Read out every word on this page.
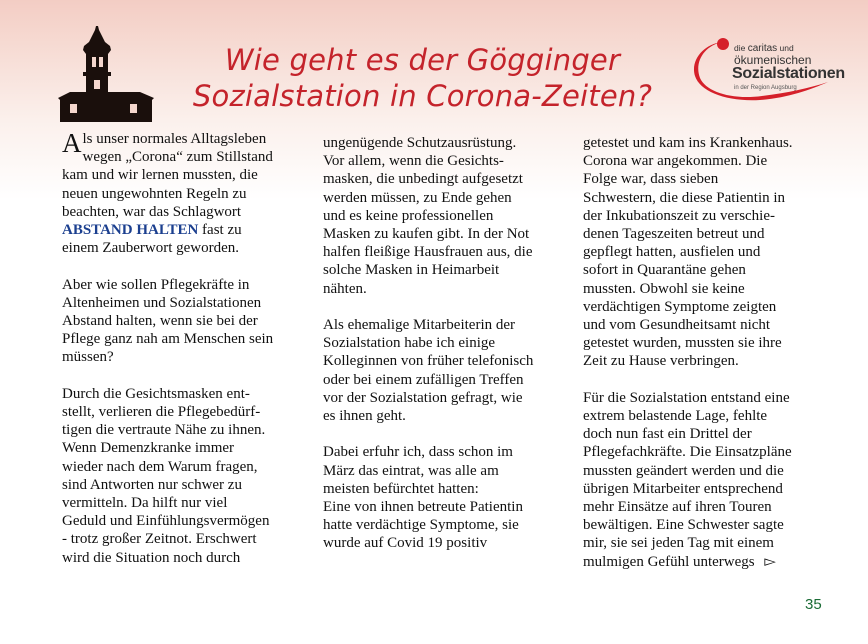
Wie geht es der Gögginger
Sozialstation in Corona-Zeiten?
die caritas und
ökumenischen
Sozialstationen
in der Region Augsburg

Als unser normales Alltagsleben
wegen „Corona“ zum Stillstand
kam und wir lernen mussten, die
neuen ungewohnten Regeln zu
beachten, war das Schlagwort
ABSTAND HALTEN fast zu
einem Zauberwort geworden.

Aber wie sollen Pflegekräfte in
Altenheimen und Sozialstationen
Abstand halten, wenn sie bei der
Pflege ganz nah am Menschen sein
müssen?

Durch die Gesichtsmasken ent-
stellt, verlieren die Pflegebedürf-
tigen die vertraute Nähe zu ihnen.
Wenn Demenzkranke immer
wieder nach dem Warum fragen,
sind Antworten nur schwer zu
vermitteln. Da hilft nur viel
Geduld und Einfühlungsvermögen
- trotz großer Zeitnot. Erschwert
wird die Situation noch durch

ungenügende Schutzausrüstung.
Vor allem, wenn die Gesichts-
masken, die unbedingt aufgesetzt
werden müssen, zu Ende gehen
und es keine professionellen
Masken zu kaufen gibt. In der Not
halfen fleißige Hausfrauen aus, die
solche Masken in Heimarbeit
nähten.

Als ehemalige Mitarbeiterin der
Sozialstation habe ich einige
Kolleginnen von früher telefonisch
oder bei einem zufälligen Treffen
vor der Sozialstation gefragt, wie
es ihnen geht.

Dabei erfuhr ich, dass schon im
März das eintrat, was alle am
meisten befürchtet hatten:
Eine von ihnen betreute Patientin
hatte verdächtige Symptome, sie
wurde auf Covid 19 positiv

getestet und kam ins Krankenhaus.
Corona war angekommen. Die
Folge war, dass sieben
Schwestern, die diese Patientin in
der Inkubationszeit zu verschie-
denen Tageszeiten betreut und
gepflegt hatten, ausfielen und
sofort in Quarantäne gehen
mussten. Obwohl sie keine
verdächtigen Symptome zeigten
und vom Gesundheitsamt nicht
getestet wurden, mussten sie ihre
Zeit zu Hause verbringen.

Für die Sozialstation entstand eine
extrem belastende Lage, fehlte
doch nun fast ein Drittel der
Pflegefachkräfte. Die Einsatzpläne
mussten geändert werden und die
übrigen Mitarbeiter entsprechend
mehr Einsätze auf ihren Touren
bewältigen. Eine Schwester sagte
mir, sie sei jeden Tag mit einem
mulmigen Gefühl unterwegs ▻

35
